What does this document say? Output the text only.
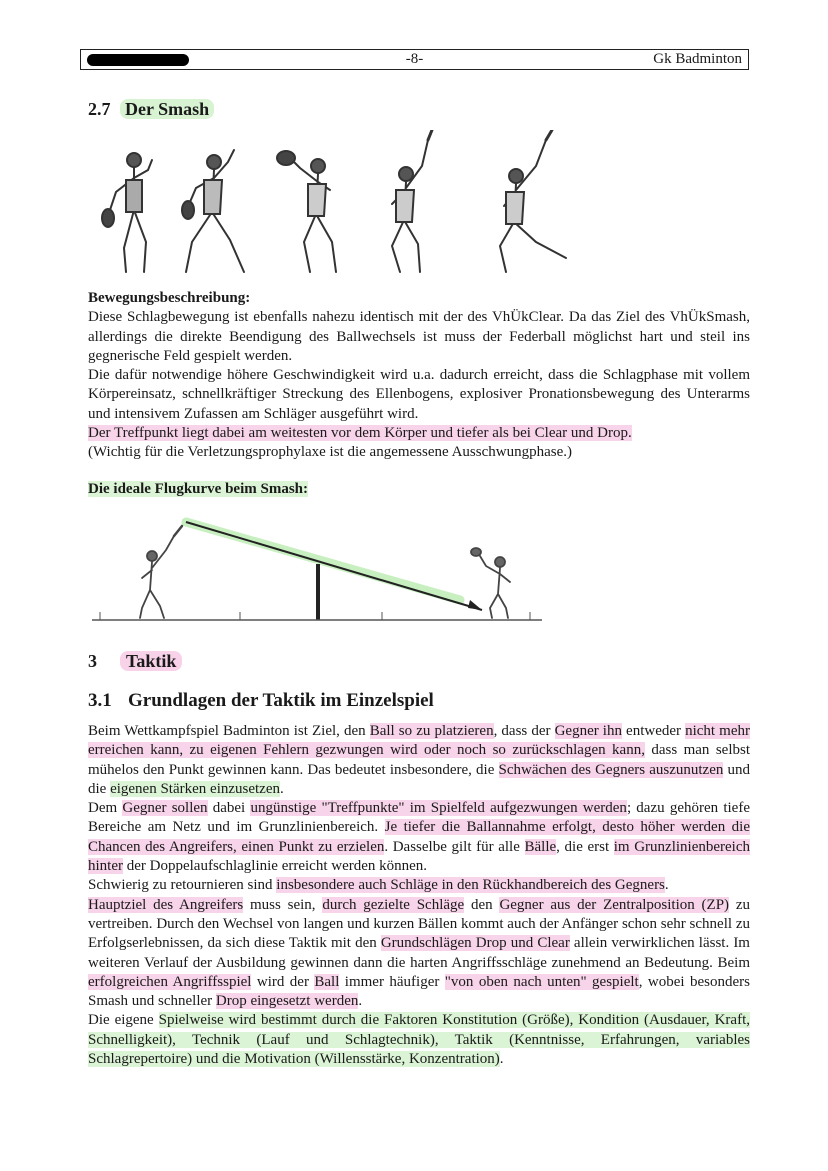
-8-	Gk Badminton
2.7 Der Smash

Bewegungsbeschreibung:

Diese Schlagbewegung ist ebenfalls nahezu identisch mit der des VhÜkClear. Da das Ziel des VhÜkSmash, allerdings die direkte Beendigung des Ballwechsels ist muss der Federball möglichst hart und steil ins gegnerische Feld gespielt werden.

Die dafür notwendige höhere Geschwindigkeit wird u.a. dadurch erreicht, dass die Schlagphase mit vollem Körpereinsatz, schnellkräftiger Streckung des Ellenbogens, explosiver Pronationsbewegung des Unterarms und intensivem Zufassen am Schläger ausgeführt wird.

Der Treffpunkt liegt dabei am weitesten vor dem Körper und tiefer als bei Clear und Drop.

(Wichtig für die Verletzungsprophylaxe ist die angemessene Ausschwungphase.)

Die ideale Flugkurve beim Smash:

3 Taktik
3.1 Grundlagen der Taktik im Einzelspiel

Beim Wettkampfspiel Badminton ist Ziel, den Ball so zu platzieren, dass der Gegner ihn entweder nicht mehr erreichen kann, zu eigenen Fehlern gezwungen wird oder noch so zurückschlagen kann, dass man selbst mühelos den Punkt gewinnen kann. Das bedeutet insbesondere, die Schwächen des Gegners auszunutzen und die eigenen Stärken einzusetzen.
Dem Gegner sollen dabei ungünstige "Treffpunkte" im Spielfeld aufgezwungen werden; dazu gehören tiefe Bereiche am Netz und im Grunzlinienbereich. Je tiefer die Ballannahme erfolgt, desto höher werden die Chancen des Angreifers, einen Punkt zu erzielen. Dasselbe gilt für alle Bälle, die erst im Grunzlinienbereich hinter der Doppelaufschlaglinie erreicht werden können.
Schwierig zu retournieren sind insbesondere auch Schläge in den Rückhandbereich des Gegners.
Hauptziel des Angreifers muss sein, durch gezielte Schläge den Gegner aus der Zentralposition (ZP) zu vertreiben. Durch den Wechsel von langen und kurzen Bällen kommt auch der Anfänger schon sehr schnell zu Erfolgserlebnissen, da sich diese Taktik mit den Grundschlägen Drop und Clear allein verwirklichen lässt. Im weiteren Verlauf der Ausbildung gewinnen dann die harten Angriffsschläge zunehmend an Bedeutung. Beim erfolgreichen Angriffsspiel wird der Ball immer häufiger "von oben nach unten" gespielt, wobei besonders Smash und schneller Drop eingesetzt werden.
Die eigene Spielweise wird bestimmt durch die Faktoren Konstitution (Größe), Kondition (Ausdauer, Kraft, Schnelligkeit), Technik (Lauf und Schlagtechnik), Taktik (Kenntnisse, Erfahrungen, variables Schlagrepertoire) und die Motivation (Willensstärke, Konzentration).
